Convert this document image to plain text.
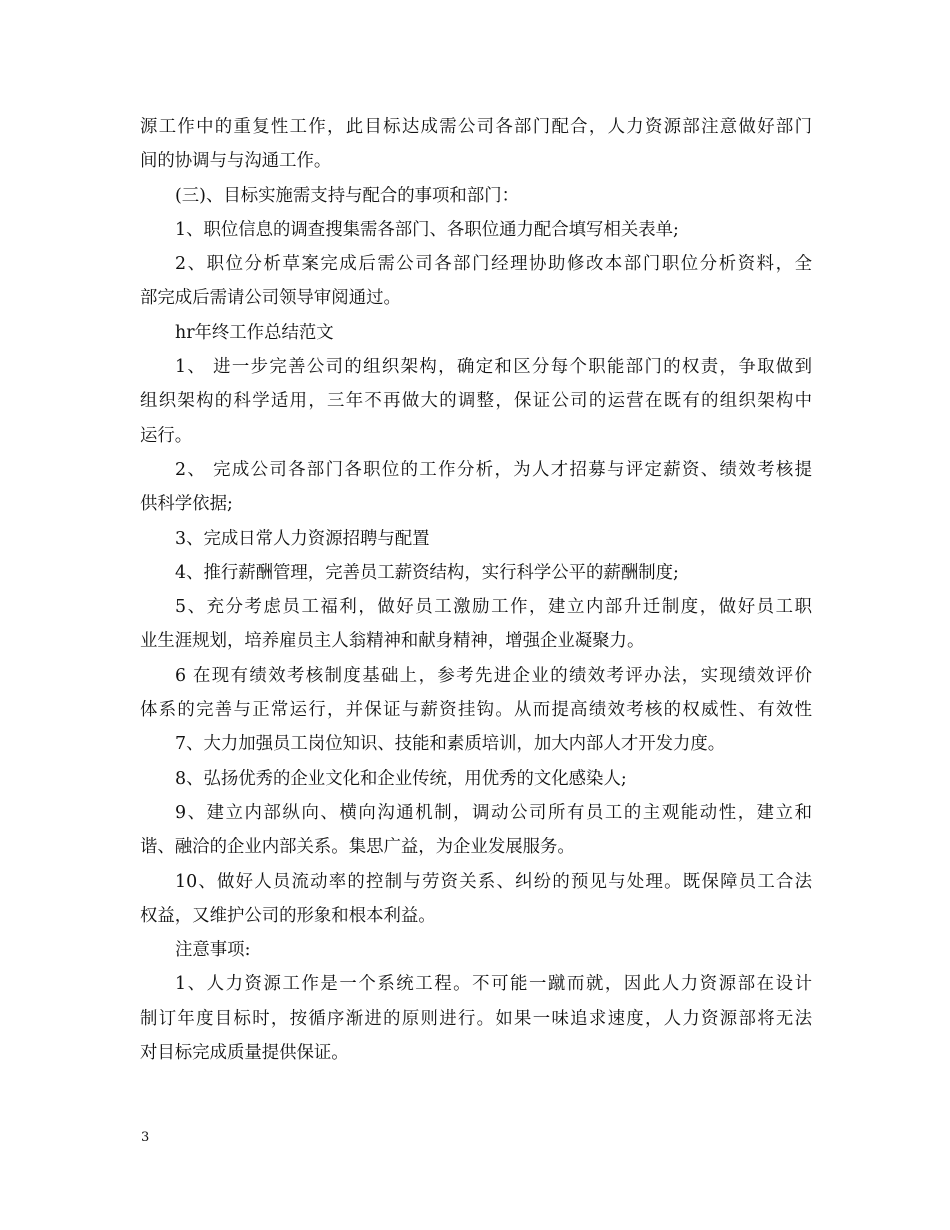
源工作中的重复性工作，此目标达成需公司各部门配合，人力资源部注意做好部门
间的协调与与沟通工作。
(三)、目标实施需支持与配合的事项和部门：
1、职位信息的调查搜集需各部门、各职位通力配合填写相关表单;
2、职位分析草案完成后需公司各部门经理协助修改本部门职位分析资料，全
部完成后需请公司领导审阅通过。
hr年终工作总结范文
1、 进一步完善公司的组织架构，确定和区分每个职能部门的权责，争取做到
组织架构的科学适用，三年不再做大的调整，保证公司的运营在既有的组织架构中
运行。
2、 完成公司各部门各职位的工作分析，为人才招募与评定薪资、绩效考核提
供科学依据;
3、完成日常人力资源招聘与配置
4、推行薪酬管理，完善员工薪资结构，实行科学公平的薪酬制度;
5、充分考虑员工福利，做好员工激励工作，建立内部升迁制度，做好员工职
业生涯规划，培养雇员主人翁精神和献身精神，增强企业凝聚力。
6 在现有绩效考核制度基础上，参考先进企业的绩效考评办法，实现绩效评价
体系的完善与正常运行，并保证与薪资挂钩。从而提高绩效考核的权威性、有效性
7、大力加强员工岗位知识、技能和素质培训，加大内部人才开发力度。
8、弘扬优秀的企业文化和企业传统，用优秀的文化感染人;
9、建立内部纵向、横向沟通机制，调动公司所有员工的主观能动性，建立和
谐、融洽的企业内部关系。集思广益，为企业发展服务。
10、做好人员流动率的控制与劳资关系、纠纷的预见与处理。既保障员工合法
权益，又维护公司的形象和根本利益。
注意事项:
1、人力资源工作是一个系统工程。不可能一蹴而就，因此人力资源部在设计
制订年度目标时，按循序渐进的原则进行。如果一味追求速度，人力资源部将无法
对目标完成质量提供保证。
3
